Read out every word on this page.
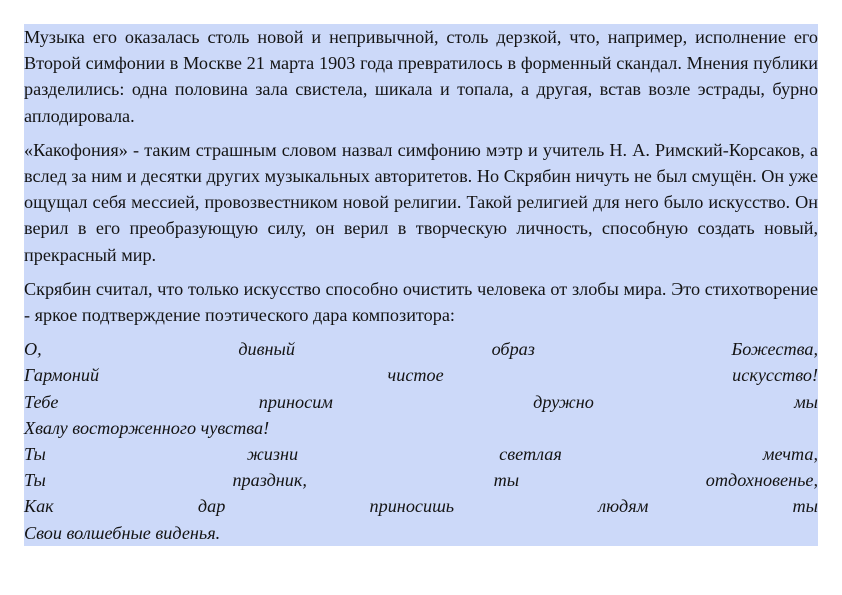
Музыка его оказалась столь новой и непривычной, столь дерзкой, что, например, исполнение его Второй симфонии в Москве 21 марта 1903 года превратилось в форменный скандал. Мнения публики разделились: одна половина зала свистела, шикала и топала, а другая, встав возле эстрады, бурно аплодировала.

«Какофония» - таким страшным словом назвал симфонию мэтр и учитель Н. А. Римский-Корсаков, а вслед за ним и десятки других музыкальных авторитетов. Но Скрябин ничуть не был смущён. Он уже ощущал себя мессией, провозвестником новой религии. Такой религией для него было искусство. Он верил в его преобразующую силу, он верил в творческую личность, способную создать новый, прекрасный мир.

Скрябин считал, что только искусство способно очистить человека от злобы мира. Это стихотворение - яркое подтверждение поэтического дара композитора:

О, дивный образ Божества,
Гармоний чистое искусство!
Тебе приносим дружно мы
Хвалу восторженного чувства!
Ты жизни светлая мечта,
Ты праздник, ты отдохновенье,
Как дар приносишь людям ты
Свои волшебные виденья.
